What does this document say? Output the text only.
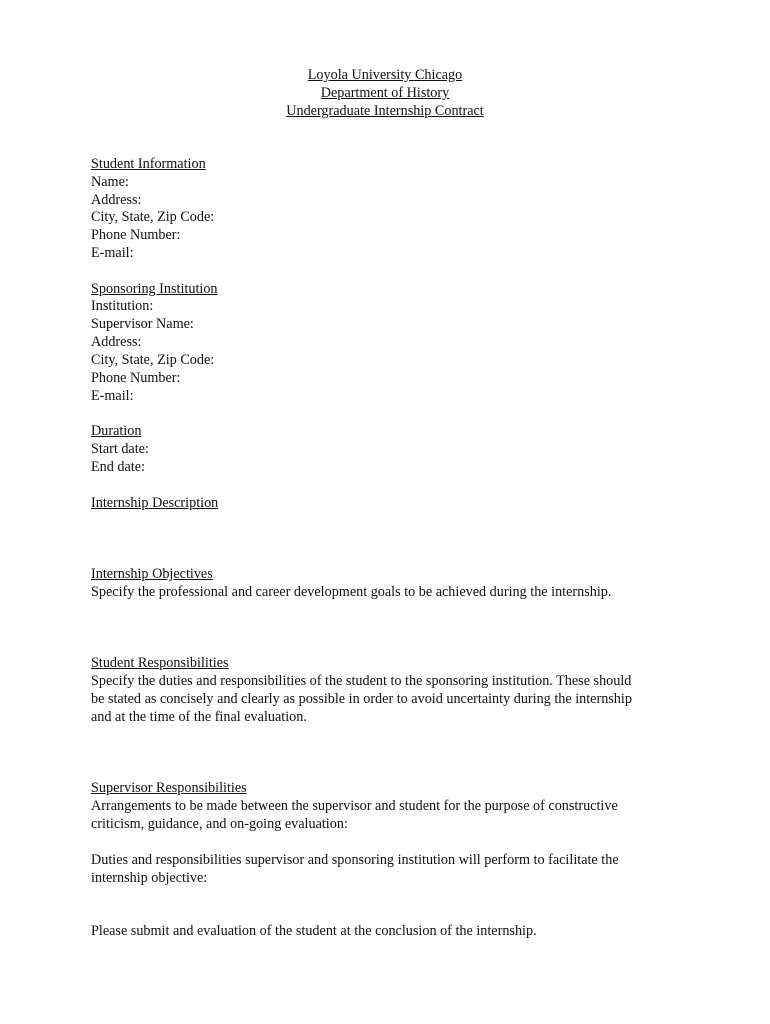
Loyola University Chicago
Department of History
Undergraduate Internship Contract
Student Information
Name:
Address:
City, State, Zip Code:
Phone Number:
E-mail:
Sponsoring Institution
Institution:
Supervisor Name:
Address:
City, State, Zip Code:
Phone Number:
E-mail:
Duration
Start date:
End date:
Internship Description
Internship Objectives
Specify the professional and career development goals to be achieved during the internship.
Student Responsibilities
Specify the duties and responsibilities of the student to the sponsoring institution. These should
be stated as concisely and clearly as possible in order to avoid uncertainty during the internship
and at the time of the final evaluation.
Supervisor Responsibilities
Arrangements to be made between the supervisor and student for the purpose of constructive
criticism, guidance, and on-going evaluation:
Duties and responsibilities supervisor and sponsoring institution will perform to facilitate the
internship objective:
Please submit and evaluation of the student at the conclusion of the internship.
